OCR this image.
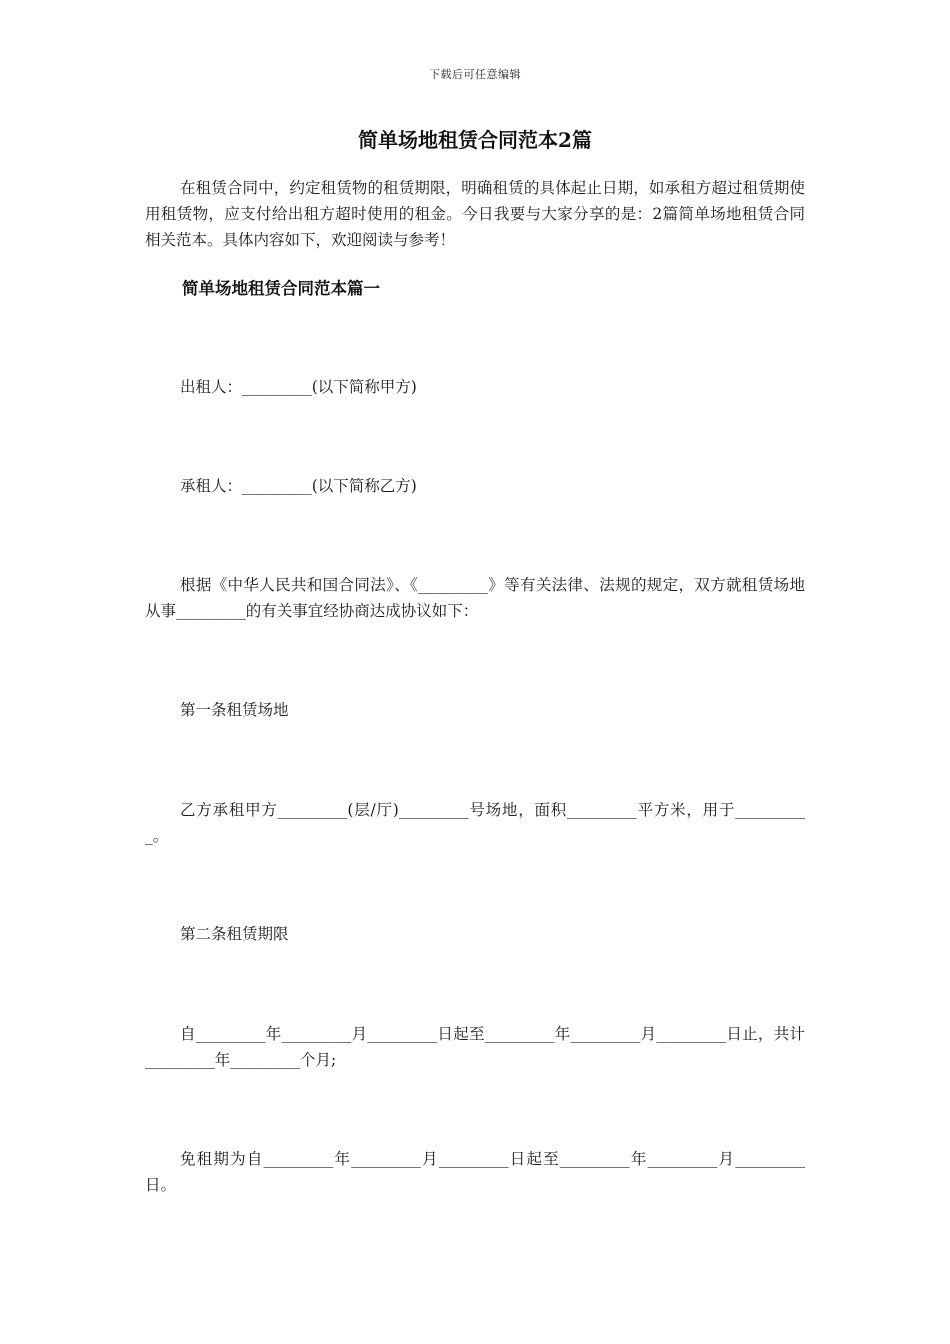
下载后可任意编辑
简单场地租赁合同范本2篇
在租赁合同中，约定租赁物的租赁期限，明确租赁的具体起止日期，如承租方超过租赁期使用租赁物，应支付给出租方超时使用的租金。今日我要与大家分享的是：2篇简单场地租赁合同相关范本。具体内容如下，欢迎阅读与参考！
简单场地租赁合同范本篇一
出租人：_________(以下简称甲方)
承租人：_________(以下简称乙方)
根据《中华人民共和国合同法》、《_________》等有关法律、法规的规定，双方就租赁场地从事_________的有关事宜经协商达成协议如下：
第一条租赁场地
乙方承租甲方_________(层/厅)_________号场地，面积_________平方米，用于__________。
第二条租赁期限
自_________年_________月_________日起至_________年_________月_________日止，共计_________年_________个月;
免租期为自_________年_________月_________日起至_________年_________月_________日。
